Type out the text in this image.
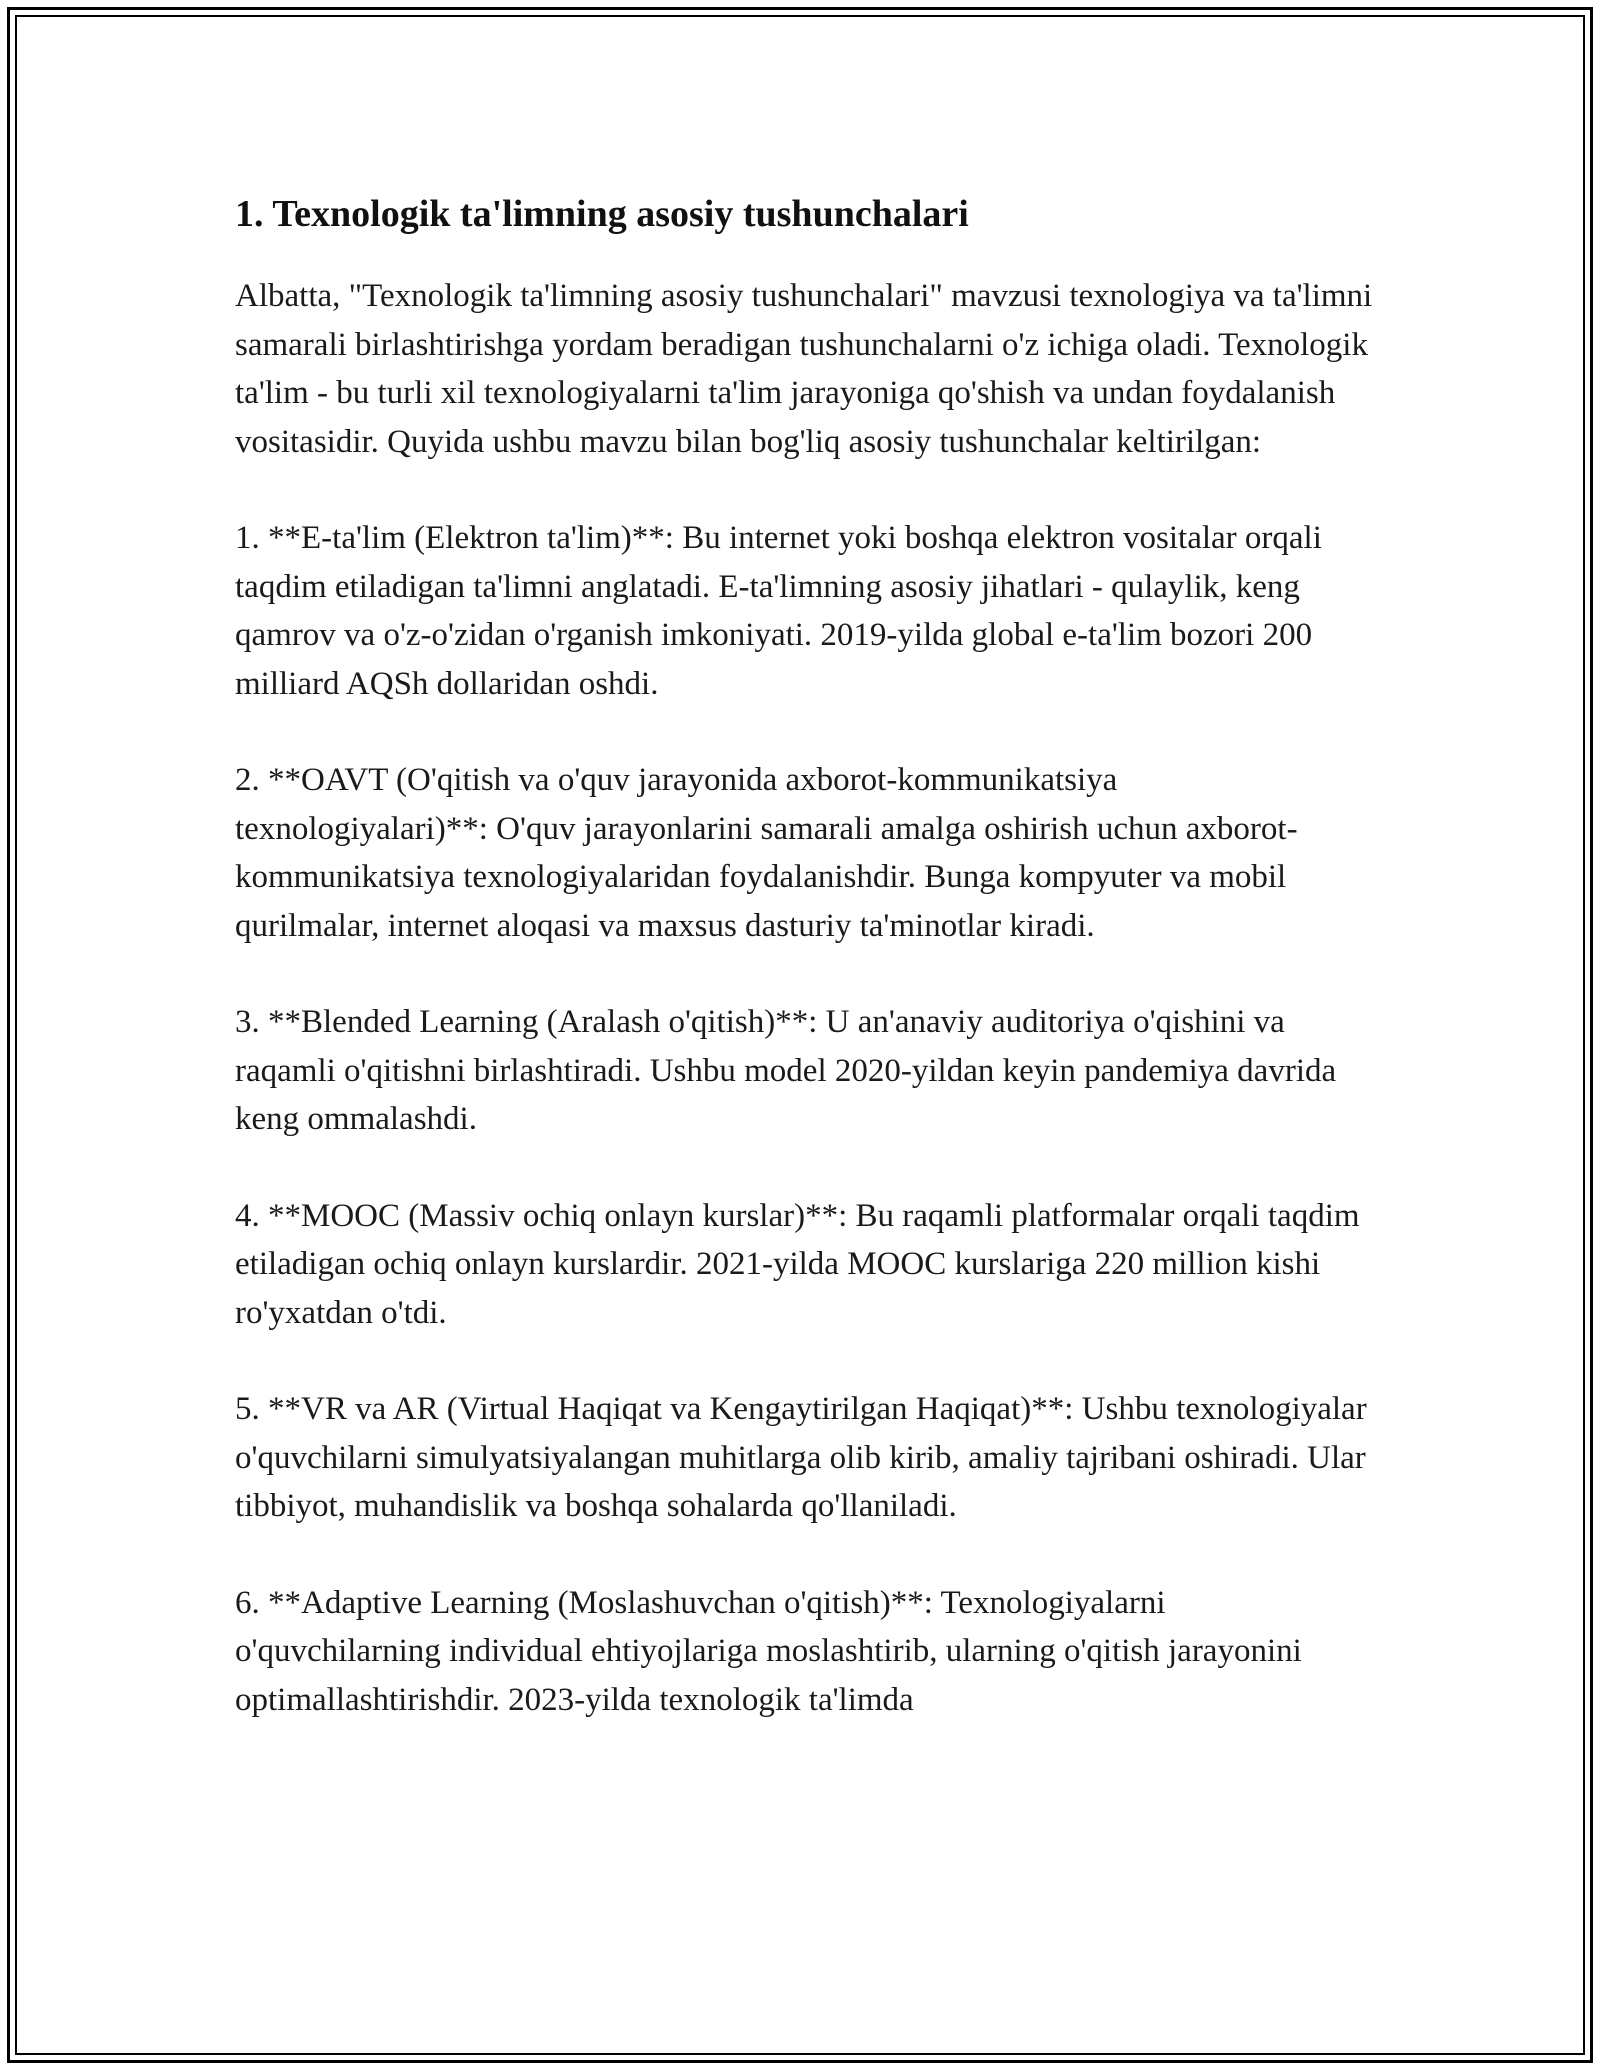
1. Texnologik ta'limning asosiy tushunchalari

Albatta, "Texnologik ta'limning asosiy tushunchalari" mavzusi texnologiya va ta'limni samarali birlashtirishga yordam beradigan tushunchalarni o'z ichiga oladi. Texnologik ta'lim - bu turli xil texnologiyalarni ta'lim jarayoniga qo'shish va undan foydalanish vositasidir. Quyida ushbu mavzu bilan bog'liq asosiy tushunchalar keltirilgan:

1. **E-ta'lim (Elektron ta'lim)**: Bu internet yoki boshqa elektron vositalar orqali taqdim etiladigan ta'limni anglatadi. E-ta'limning asosiy jihatlari - qulaylik, keng qamrov va o'z-o'zidan o'rganish imkoniyati. 2019-yilda global e-ta'lim bozori 200 milliard AQSh dollaridan oshdi.

2. **OAVT (O'qitish va o'quv jarayonida axborot-kommunikatsiya texnologiyalari)**: O'quv jarayonlarini samarali amalga oshirish uchun axborot-kommunikatsiya texnologiyalaridan foydalanishdir. Bunga kompyuter va mobil qurilmalar, internet aloqasi va maxsus dasturiy ta'minotlar kiradi.

3. **Blended Learning (Aralash o'qitish)**: U an'anaviy auditoriya o'qishini va raqamli o'qitishni birlashtiradi. Ushbu model 2020-yildan keyin pandemiya davrida keng ommalashdi.

4. **MOOC (Massiv ochiq onlayn kurslar)**: Bu raqamli platformalar orqali taqdim etiladigan ochiq onlayn kurslardir. 2021-yilda MOOC kurslariga 220 million kishi ro'yxatdan o'tdi.

5. **VR va AR (Virtual Haqiqat va Kengaytirilgan Haqiqat)**: Ushbu texnologiyalar o'quvchilarni simulyatsiyalangan muhitlarga olib kirib, amaliy tajribani oshiradi. Ular tibbiyot, muhandislik va boshqa sohalarda qo'llaniladi.

6. **Adaptive Learning (Moslashuvchan o'qitish)**: Texnologiyalarni o'quvchilarning individual ehtiyojlariga moslashtirib, ularning o'qitish jarayonini optimallashtirishdir. 2023-yilda texnologik ta'limda
